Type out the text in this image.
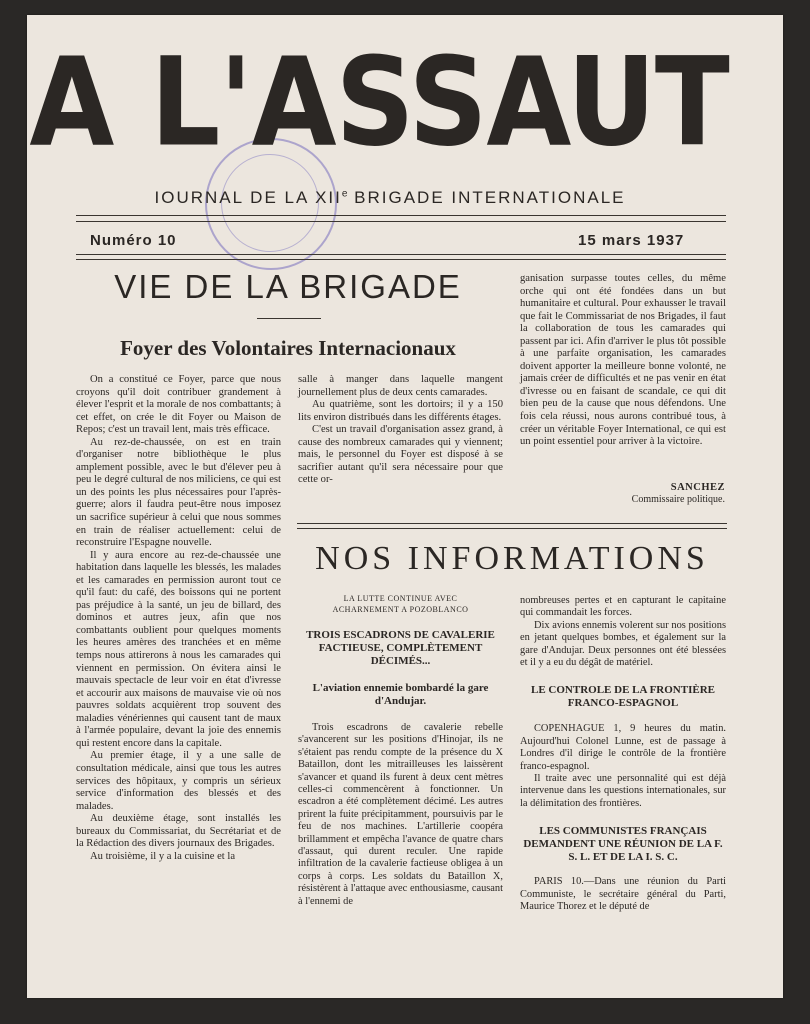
A L'ASSAUT
IOURNAL DE LA XIIe BRIGADE INTERNATIONALE
Numéro 10	15 mars 1937
VIE DE LA BRIGADE
Foyer des Volontaires Internacionaux

On a constitué ce Foyer, parce que nous croyons qu'il doit contribuer grandement à élever l'esprit et la morale de nos combattants; à cet effet, on crée le dit Foyer ou Maison de Repos; c'est un travail lent, mais très efficace.

Au rez-de-chaussée, on est en train d'organiser notre bibliothèque le plus amplement possible, avec le but d'élever peu à peu le degré cultural de nos miliciens, ce qui est un des points les plus nécessaires pour l'après-guerre; alors il faudra peut-être nous imposez un sacrifice supérieur à celui que nous sommes en train de réaliser actuellement: celui de reconstruire l'Espagne nouvelle.

Il y aura encore au rez-de-chaussée une habitation dans laquelle les blessés, les malades et les camarades en permission auront tout ce qu'il faut: du café, des boissons qui ne portent pas préjudice à la santé, un jeu de billard, des dominos et autres jeux, afin que nos combattants oublient pour quelques moments les heures amères des tranchées et en même temps nous attirerons à nous les camarades qui viennent en permission. On évitera ainsi le mauvais spectacle de leur voir en état d'ivresse et accourir aux maisons de mauvaise vie où nos pauvres soldats acquièrent trop souvent des maladies vénériennes qui causent tant de maux à l'armée populaire, devant la joie des ennemis qui restent encore dans la capitale.

Au premier étage, il y a une salle de consultation médicale, ainsi que tous les autres services des hôpitaux, y compris un sérieux service d'information des blessés et des malades.

Au deuxième étage, sont installés les bureaux du Commissariat, du Secrétariat et de la Rédaction des divers journaux des Brigades.

Au troisième, il y a la cuisine et la

salle à manger dans laquelle mangent journellement plus de deux cents camarades.

Au quatrième, sont les dortoirs; il y a 150 lits environ distribués dans les différents étages.

C'est un travail d'organisation assez grand, à cause des nombreux camarades qui y viennent; mais, le personnel du Foyer est disposé à se sacrifier autant qu'il sera nécessaire pour que cette or-

ganisation surpasse toutes celles, du même orche qui ont été fondées dans un but humanitaire et cultural. Pour exhausser le travail que fait le Commissariat de nos Brigades, il faut la collaboration de tous les camarades qui passent par ici. Afin d'arriver le plus tôt possible à une parfaite organisation, les camarades doivent apporter la meilleure bonne volonté, ne jamais créer de difficultés et ne pas venir en état d'ivresse ou en faisant de scandale, ce qui dit bien peu de la cause que nous défendons. Une fois cela réussi, nous aurons contribué tous, à créer un véritable Foyer International, ce qui est un point essentiel pour arriver à la victoire.

SANCHEZ
Commissaire politique.
NOS INFORMATIONS
LA LUTTE CONTINUE AVEC ACHARNEMENT A POZOBLANCO
TROIS ESCADRONS DE CAVALERIE FACTIEUSE, COMPLÈTEMENT DÉCIMÉS...
L'aviation ennemie bombardé la gare d'Andujar.

Trois escadrons de cavalerie rebelle s'avancerent sur les positions d'Hinojar, ils ne s'étaient pas rendu compte de la présence du X Bataillon, dont les mitrailleuses les laissèrent s'avancer et quand ils furent à deux cent mètres celles-ci commencèrent à fonctionner. Un escadron a été complètement décimé. Les autres prirent la fuite précipitamment, poursuivis par le feu de nos machines. L'artillerie coopéra brillamment et empêcha l'avance de quatre chars d'assaut, qui durent reculer. Une rapide infiltration de la cavalerie factieuse obligea à un corps à corps. Les soldats du Bataillon X, résistèrent à l'attaque avec enthousiasme, causant à l'ennemi de

nombreuses pertes et en capturant le capitaine qui commandait les forces.

Dix avions ennemis volerent sur nos positions en jetant quelques bombes, et également sur la gare d'Andujar. Deux personnes ont été blessées et il y a eu du dégât de matériel.

LE CONTROLE DE LA FRONTIÈRE FRANCO-ESPAGNOL

COPENHAGUE 1, 9 heures du matin. Aujourd'hui Colonel Lunne, est de passage à Londres d'il dirige le contrôle de la frontière franco-espagnol.

Il traite avec une personnalité qui est déjà intervenue dans les questions internationales, sur la délimitation des frontières.

LES COMMUNISTES FRANÇAIS DEMANDENT UNE RÉUNION DE LA F. S. L. ET DE LA I. S. C.

PARIS 10.—Dans une réunion du Parti Communiste, le secrétaire général du Parti, Maurice Thorez et le député de
